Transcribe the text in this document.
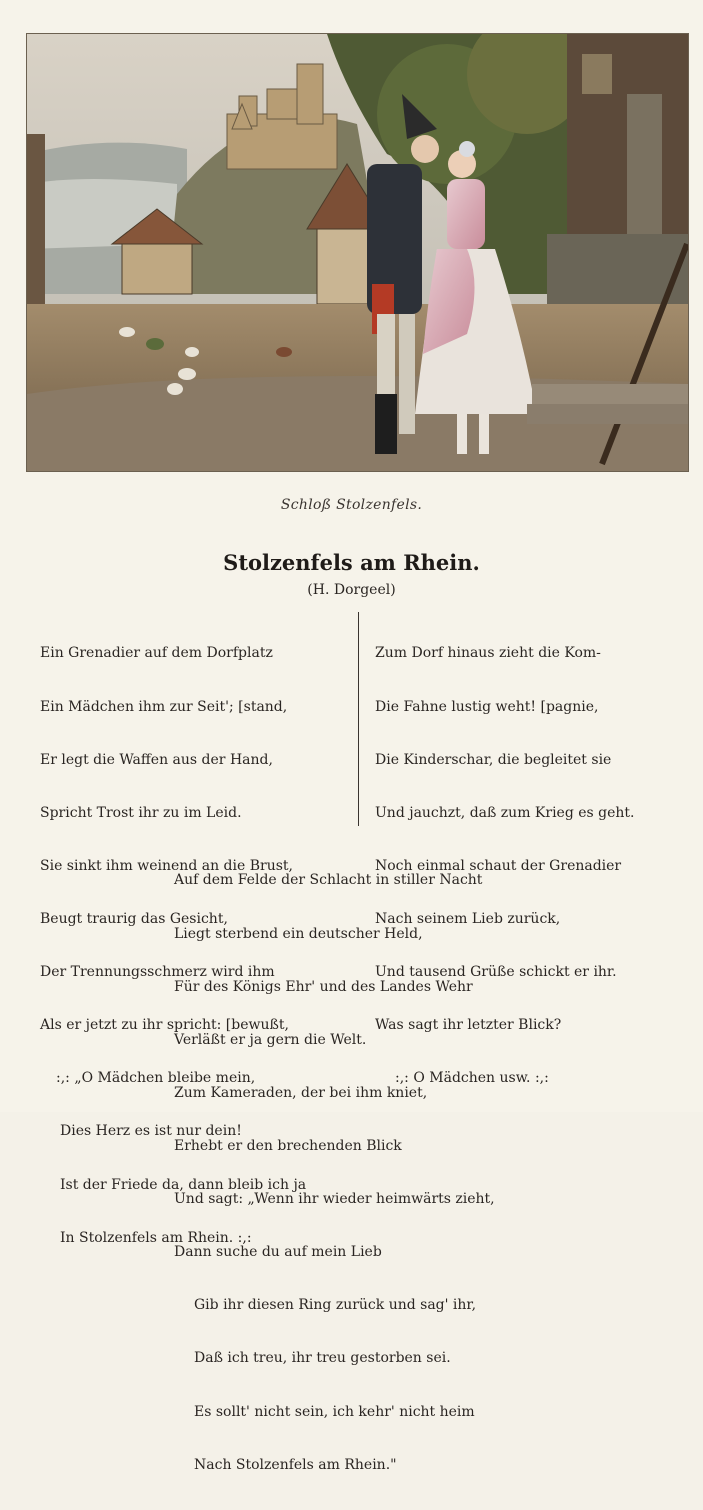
Schloß Stolzenfels.
Stolzenfels am Rhein.
(H. Dorgeel)

Ein Grenadier auf dem Dorfplatz

Ein Mädchen ihm zur Seit'; [stand,

Er legt die Waffen aus der Hand,

Spricht Trost ihr zu im Leid.

Sie sinkt ihm weinend an die Brust,

Beugt traurig das Gesicht,

Der Trennungsschmerz wird ihm

Als er jetzt zu ihr spricht: [bewußt,

:,: „O Mädchen bleibe mein,

Dies Herz es ist nur dein!

Ist der Friede da, dann bleib ich ja

In Stolzenfels am Rhein. :,:

Zum Dorf hinaus zieht die Kom-

Die Fahne lustig weht! [pagnie,

Die Kinderschar, die begleitet sie

Und jauchzt, daß zum Krieg es geht.

Noch einmal schaut der Grenadier

Nach seinem Lieb zurück,

Und tausend Grüße schickt er ihr.

Was sagt ihr letzter Blick?

:,: O Mädchen usw. :,:

Auf dem Felde der Schlacht in stiller Nacht

Liegt sterbend ein deutscher Held,

Für des Königs Ehr' und des Landes Wehr

Verläßt er ja gern die Welt.

Zum Kameraden, der bei ihm kniet,

Erhebt er den brechenden Blick

Und sagt: „Wenn ihr wieder heimwärts zieht,

Dann suche du auf mein Lieb

Gib ihr diesen Ring zurück und sag' ihr,

Daß ich treu, ihr treu gestorben sei.

Es sollt' nicht sein, ich kehr' nicht heim

Nach Stolzenfels am Rhein."
